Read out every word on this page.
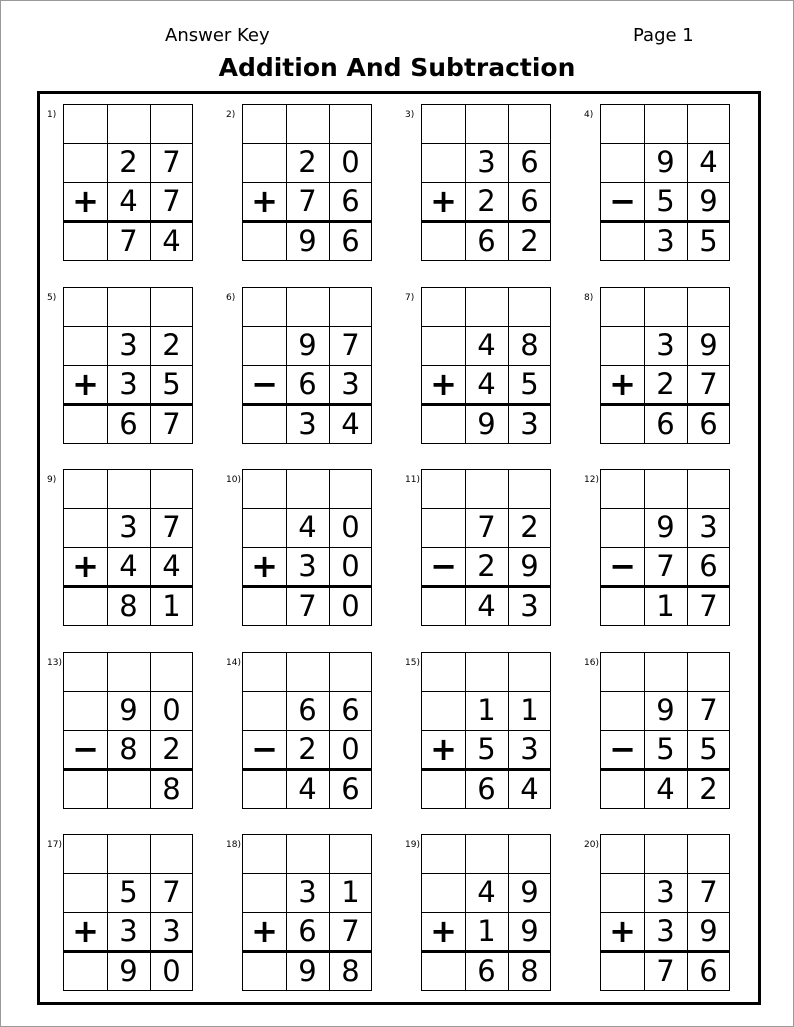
Answer Key	Page 1
Addition And Subtraction
1)
2 7
+ 4 7
7 4
2)
2 0
+ 7 6
9 6
3)
3 6
+ 2 6
6 2
4)
9 4
− 5 9
3 5
5)
3 2
+ 3 5
6 7
6)
9 7
− 6 3
3 4
7)
4 8
+ 4 5
9 3
8)
3 9
+ 2 7
6 6
9)
3 7
+ 4 4
8 1
10)
4 0
+ 3 0
7 0
11)
7 2
− 2 9
4 3
12)
9 3
− 7 6
1 7
13)
9 0
− 8 2
8
14)
6 6
− 2 0
4 6
15)
1 1
+ 5 3
6 4
16)
9 7
− 5 5
4 2
17)
5 7
+ 3 3
9 0
18)
3 1
+ 6 7
9 8
19)
4 9
+ 1 9
6 8
20)
3 7
+ 3 9
7 6
